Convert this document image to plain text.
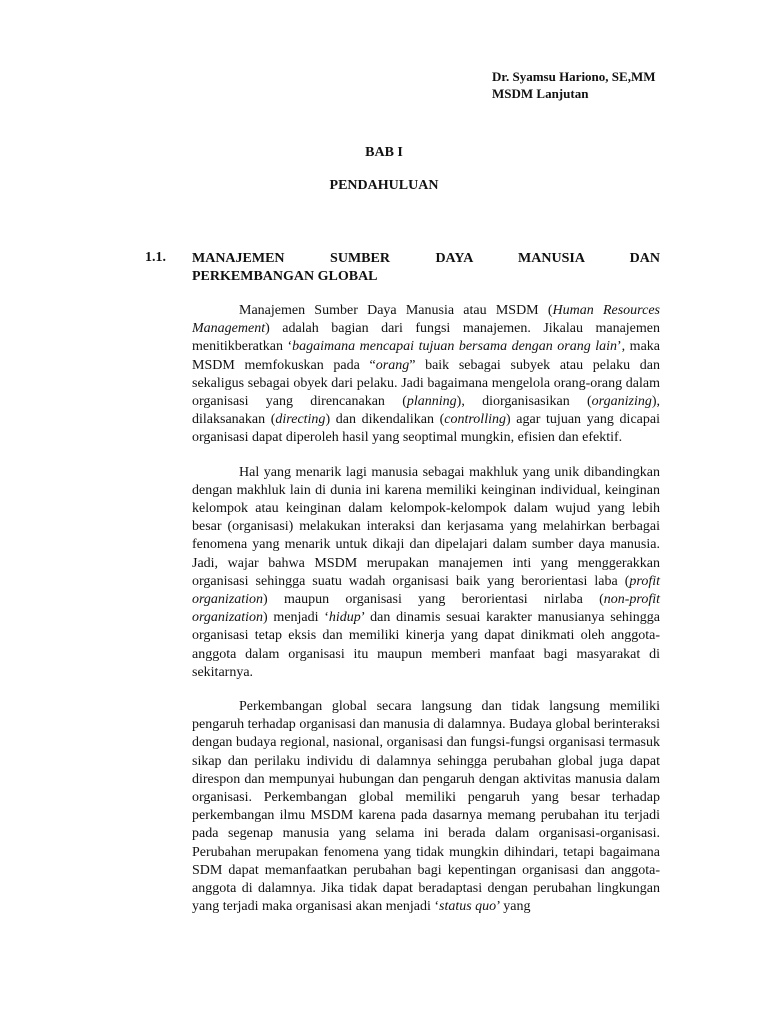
Dr. Syamsu Hariono, SE,MM
MSDM Lanjutan
BAB I
PENDAHULUAN
1.1. MANAJEMEN SUMBER DAYA MANUSIA DAN
PERKEMBANGAN GLOBAL

Manajemen Sumber Daya Manusia atau MSDM (Human Resources Management) adalah bagian dari fungsi manajemen. Jikalau manajemen menitikberatkan ‘bagaimana mencapai tujuan bersama dengan orang lain’, maka MSDM memfokuskan pada “orang” baik sebagai subyek atau pelaku dan sekaligus sebagai obyek dari pelaku. Jadi bagaimana mengelola orang-orang dalam organisasi yang direncanakan (planning), diorganisasikan (organizing), dilaksanakan (directing) dan dikendalikan (controlling) agar tujuan yang dicapai organisasi dapat diperoleh hasil yang seoptimal mungkin, efisien dan efektif.

Hal yang menarik lagi manusia sebagai makhluk yang unik dibandingkan dengan makhluk lain di dunia ini karena memiliki keinginan individual, keinginan kelompok atau keinginan dalam kelompok-kelompok dalam wujud yang lebih besar (organisasi) melakukan interaksi dan kerjasama yang melahirkan berbagai fenomena yang menarik untuk dikaji dan dipelajari dalam sumber daya manusia. Jadi, wajar bahwa MSDM merupakan manajemen inti yang menggerakkan organisasi sehingga suatu wadah organisasi baik yang berorientasi laba (profit organization) maupun organisasi yang berorientasi nirlaba (non-profit organization) menjadi ‘hidup’ dan dinamis sesuai karakter manusianya sehingga organisasi tetap eksis dan memiliki kinerja yang dapat dinikmati oleh anggota-anggota dalam organisasi itu maupun memberi manfaat bagi masyarakat di sekitarnya.

Perkembangan global secara langsung dan tidak langsung memiliki pengaruh terhadap organisasi dan manusia di dalamnya. Budaya global berinteraksi dengan budaya regional, nasional, organisasi dan fungsi-fungsi organisasi termasuk sikap dan perilaku individu di dalamnya sehingga perubahan global juga dapat direspon dan mempunyai hubungan dan pengaruh dengan aktivitas manusia dalam organisasi. Perkembangan global memiliki pengaruh yang besar terhadap perkembangan ilmu MSDM karena pada dasarnya memang perubahan itu terjadi pada segenap manusia yang selama ini berada dalam organisasi-organisasi. Perubahan merupakan fenomena yang tidak mungkin dihindari, tetapi bagaimana SDM dapat memanfaatkan perubahan bagi kepentingan organisasi dan anggota-anggota di dalamnya. Jika tidak dapat beradaptasi dengan perubahan lingkungan yang terjadi maka organisasi akan menjadi ‘status quo’ yang
